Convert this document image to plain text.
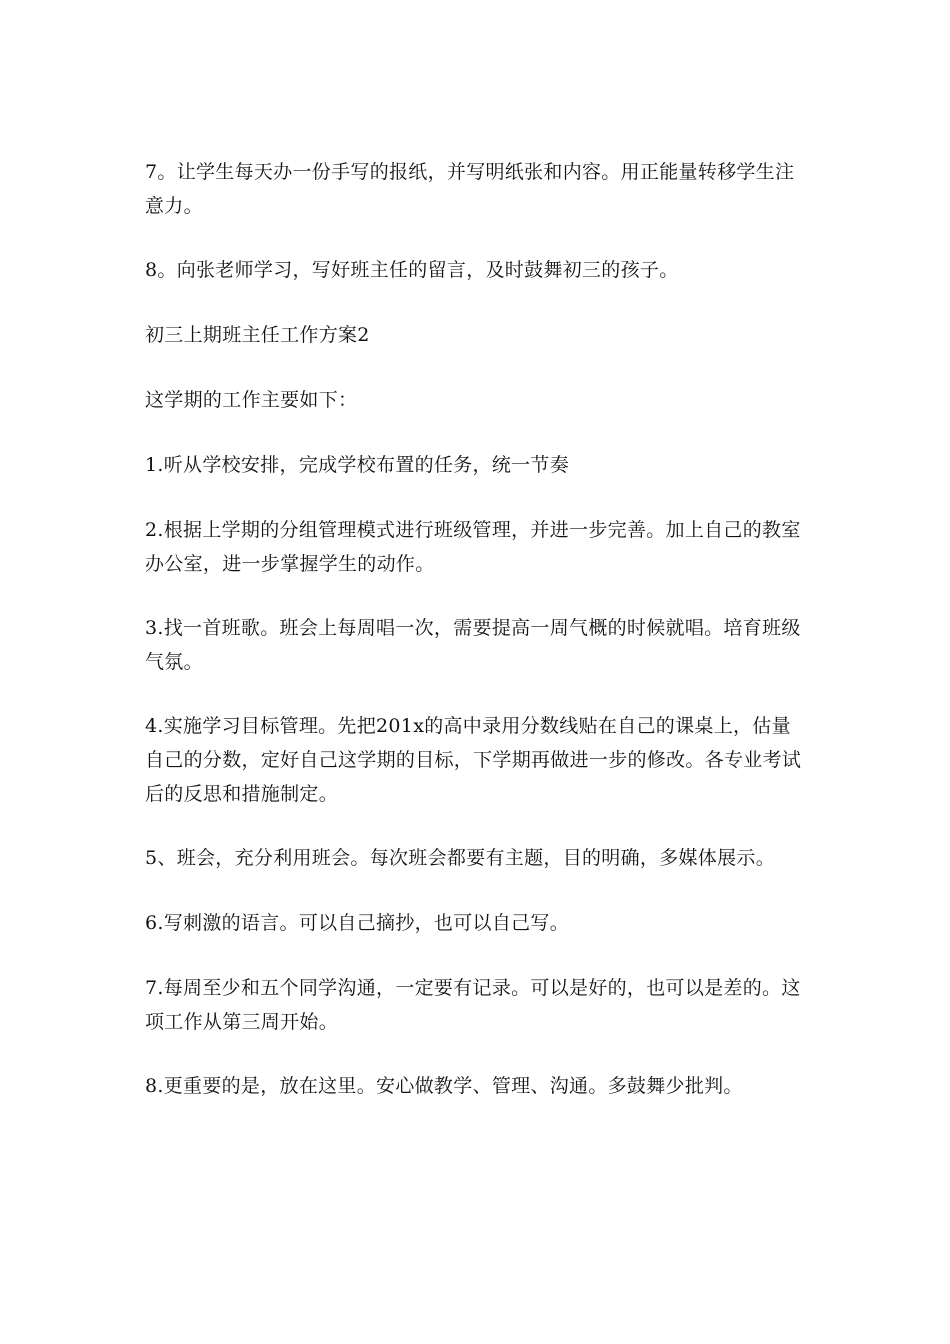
7。让学生每天办一份手写的报纸，并写明纸张和内容。用正能量转移学生注意力。

8。向张老师学习，写好班主任的留言，及时鼓舞初三的孩子。

初三上期班主任工作方案2

这学期的工作主要如下：

1.听从学校安排，完成学校布置的任务，统一节奏

2.根据上学期的分组管理模式进行班级管理，并进一步完善。加上自己的教室办公室，进一步掌握学生的动作。

3.找一首班歌。班会上每周唱一次，需要提高一周气概的时候就唱。培育班级气氛。

4.实施学习目标管理。先把201x的高中录用分数线贴在自己的课桌上，估量自己的分数，定好自己这学期的目标，下学期再做进一步的修改。各专业考试后的反思和措施制定。

5、班会，充分利用班会。每次班会都要有主题，目的明确，多媒体展示。

6.写刺激的语言。可以自己摘抄，也可以自己写。

7.每周至少和五个同学沟通，一定要有记录。可以是好的，也可以是差的。这项工作从第三周开始。

8.更重要的是，放在这里。安心做教学、管理、沟通。多鼓舞少批判。
